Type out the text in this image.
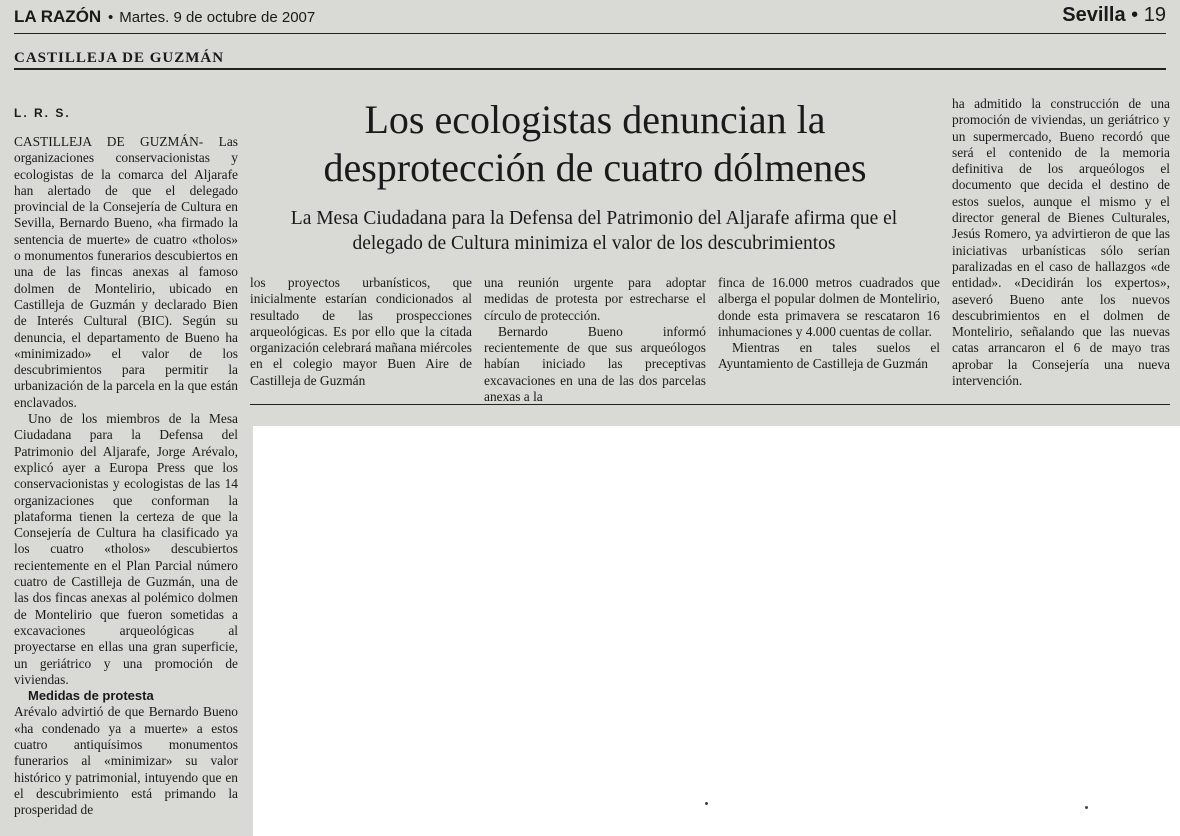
LA RAZÓN • Martes. 9 de octubre de 2007	Sevilla • 19
CASTILLEJA DE GUZMÁN
L. R. S.	Los ecologistas denuncian la desprotección de cuatro dólmenes
La Mesa Ciudadana para la Defensa del Patrimonio del Aljarafe afirma que el delegado de Cultura minimiza el valor de los descubrimientos

CASTILLEJA DE GUZMÁN- Las organizaciones conservacionistas y ecologistas de la comarca del Aljarafe han alertado de que el delegado provincial de la Consejería de Cultura en Sevilla, Bernardo Bueno, «ha firmado la sentencia de muerte» de cuatro «tholos» o monumentos funerarios descubiertos en una de las fincas anexas al famoso dolmen de Montelirio, ubicado en Castilleja de Guzmán y declarado Bien de Interés Cultural (BIC). Según su denuncia, el departamento de Bueno ha «minimizado» el valor de los descubrimientos para permitir la urbanización de la parcela en la que están enclavados.

Uno de los miembros de la Mesa Ciudadana para la Defensa del Patrimonio del Aljarafe, Jorge Arévalo, explicó ayer a Europa Press que los conservacionistas y ecologistas de las 14 organizaciones que conforman la plataforma tienen la certeza de que la Consejería de Cultura ha clasificado ya los cuatro «tholos» descubiertos recientemente en el Plan Parcial número cuatro de Castilleja de Guzmán, una de las dos fincas anexas al polémico dolmen de Montelirio que fueron sometidas a excavaciones arqueológicas al proyectarse en ellas una gran superficie, un geriátrico y una promoción de viviendas.

Medidas de protesta

Arévalo advirtió de que Bernardo Bueno «ha condenado ya a muerte» a estos cuatro antiquísimos monumentos funerarios al «minimizar» su valor histórico y patrimonial, intuyendo que en el descubrimiento está primando la prosperidad de

los proyectos urbanísticos, que inicialmente estarían condicionados al resultado de las prospecciones arqueológicas. Es por ello que la citada organización celebrará mañana miércoles en el colegio mayor Buen Aire de Castilleja de Guzmán

una reunión urgente para adoptar medidas de protesta por estrecharse el círculo de protección.

Bernardo Bueno informó recientemente de que sus arqueólogos habían iniciado las preceptivas excavaciones en una de las dos parcelas anexas a la

finca de 16.000 metros cuadrados que alberga el popular dolmen de Montelirio, donde esta primavera se rescataron 16 inhumaciones y 4.000 cuentas de collar.

Mientras en tales suelos el Ayuntamiento de Castilleja de Guzmán

ha admitido la construcción de una promoción de viviendas, un geriátrico y un supermercado, Bueno recordó que será el contenido de la memoria definitiva de los arqueólogos el documento que decida el destino de estos suelos, aunque el mismo y el director general de Bienes Culturales, Jesús Romero, ya advirtieron de que las iniciativas urbanísticas sólo serían paralizadas en el caso de hallazgos «de entidad». «Decidirán los expertos», aseveró Bueno ante los nuevos descubrimientos en el dolmen de Montelirio, señalando que las nuevas catas arrancaron el 6 de mayo tras aprobar la Consejería una nueva intervención.
